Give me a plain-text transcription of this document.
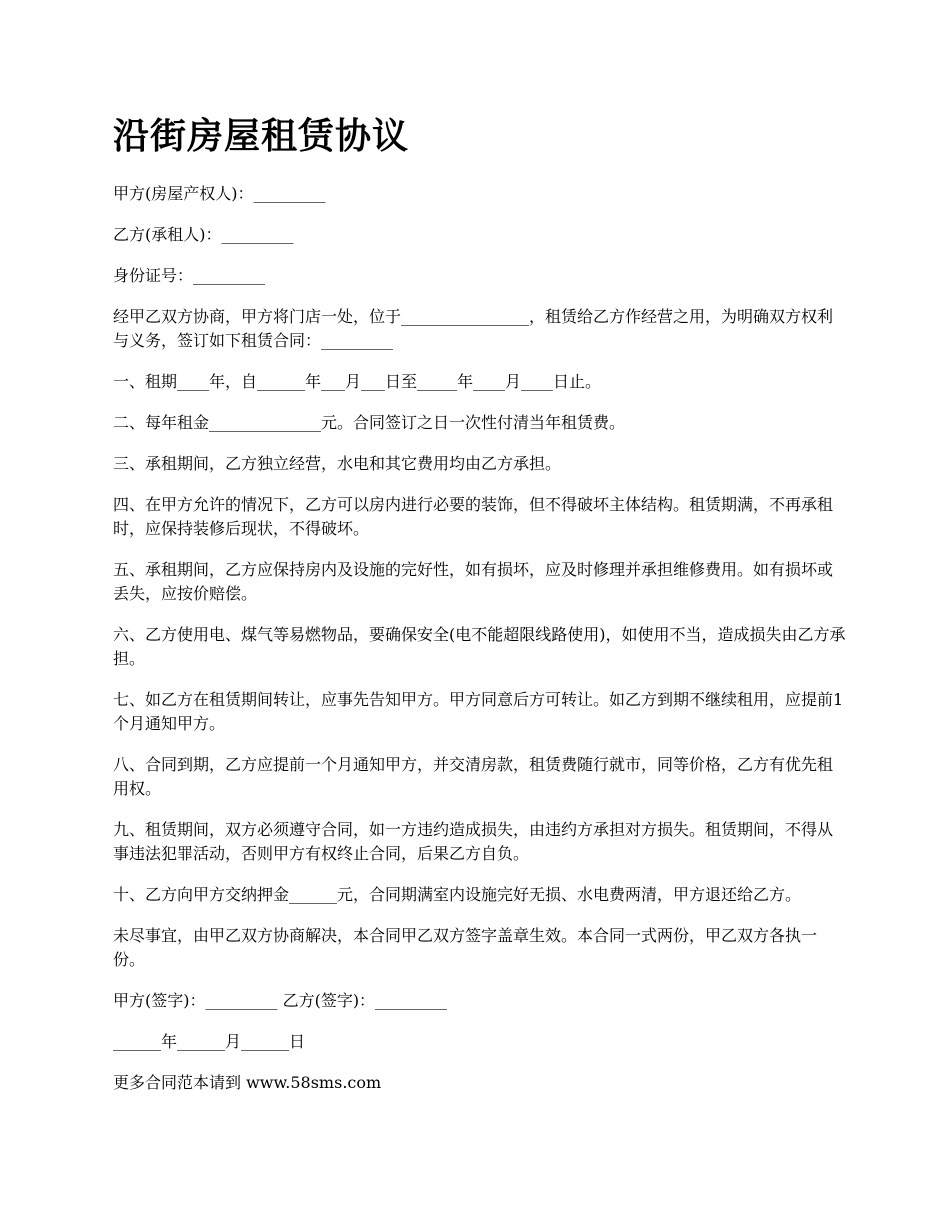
沿街房屋租赁协议

甲方(房屋产权人)：_________

乙方(承租人)：_________

身份证号：_________

经甲乙双方协商，甲方将门店一处，位于________________，租赁给乙方作经营之用，为明确双方权利与义务，签订如下租赁合同：_________

一、租期____年，自______年___月___日至_____年____月____日止。

二、每年租金______________元。合同签订之日一次性付清当年租赁费。

三、承租期间，乙方独立经营，水电和其它费用均由乙方承担。

四、在甲方允许的情况下，乙方可以房内进行必要的装饰，但不得破坏主体结构。租赁期满，不再承租时，应保持装修后现状，不得破坏。

五、承租期间，乙方应保持房内及设施的完好性，如有损坏，应及时修理并承担维修费用。如有损坏或丢失，应按价赔偿。

六、乙方使用电、煤气等易燃物品，要确保安全(电不能超限线路使用)，如使用不当，造成损失由乙方承担。

七、如乙方在租赁期间转让，应事先告知甲方。甲方同意后方可转让。如乙方到期不继续租用，应提前1个月通知甲方。

八、合同到期，乙方应提前一个月通知甲方，并交清房款，租赁费随行就市，同等价格，乙方有优先租用权。

九、租赁期间，双方必须遵守合同，如一方违约造成损失，由违约方承担对方损失。租赁期间，不得从事违法犯罪活动，否则甲方有权终止合同，后果乙方自负。

十、乙方向甲方交纳押金______元，合同期满室内设施完好无损、水电费两清，甲方退还给乙方。

未尽事宜，由甲乙双方协商解决，本合同甲乙双方签字盖章生效。本合同一式两份，甲乙双方各执一份。

甲方(签字)：_________ 乙方(签字)：_________

______年______月______日

更多合同范本请到 www.58sms.com
